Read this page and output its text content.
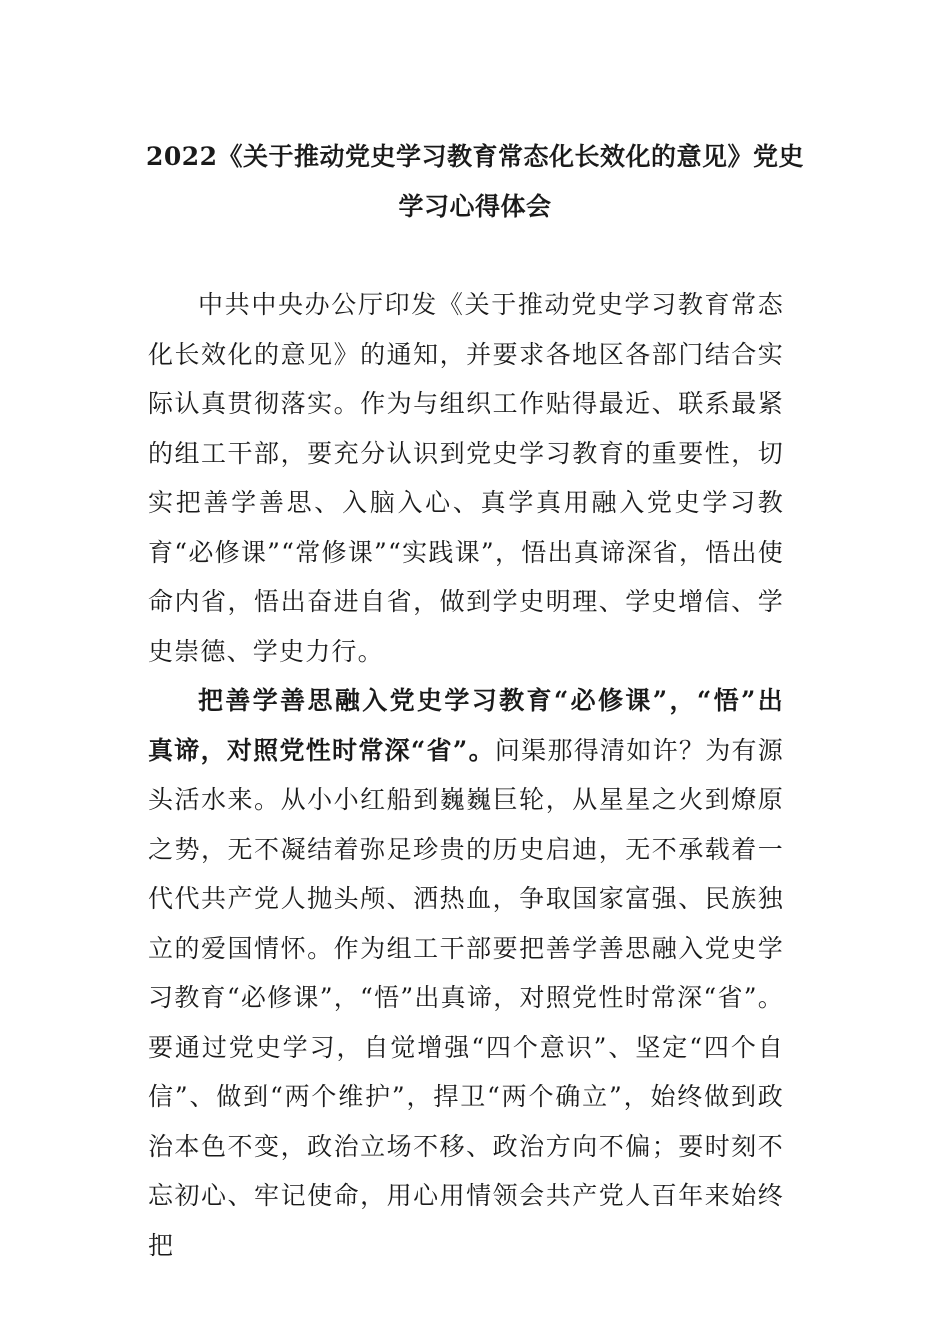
2022《关于推动党史学习教育常态化长效化的意见》党史
学习心得体会

中共中央办公厅印发《关于推动党史学习教育常态化长效化的意见》的通知，并要求各地区各部门结合实际认真贯彻落实。作为与组织工作贴得最近、联系最紧的组工干部，要充分认识到党史学习教育的重要性，切实把善学善思、入脑入心、真学真用融入党史学习教育“必修课”“常修课”“实践课”，悟出真谛深省，悟出使命内省，悟出奋进自省，做到学史明理、学史增信、学史崇德、学史力行。

把善学善思融入党史学习教育“必修课”，“悟”出真谛，对照党性时常深“省”。问渠那得清如许？为有源头活水来。从小小红船到巍巍巨轮，从星星之火到燎原之势，无不凝结着弥足珍贵的历史启迪，无不承载着一代代共产党人抛头颅、洒热血，争取国家富强、民族独立的爱国情怀。作为组工干部要把善学善思融入党史学习教育“必修课”，“悟”出真谛，对照党性时常深“省”。要通过党史学习，自觉增强“四个意识”、坚定“四个自信”、做到“两个维护”，捍卫“两个确立”，始终做到政治本色不变，政治立场不移、政治方向不偏；要时刻不忘初心、牢记使命，用心用情领会共产党人百年来始终把
